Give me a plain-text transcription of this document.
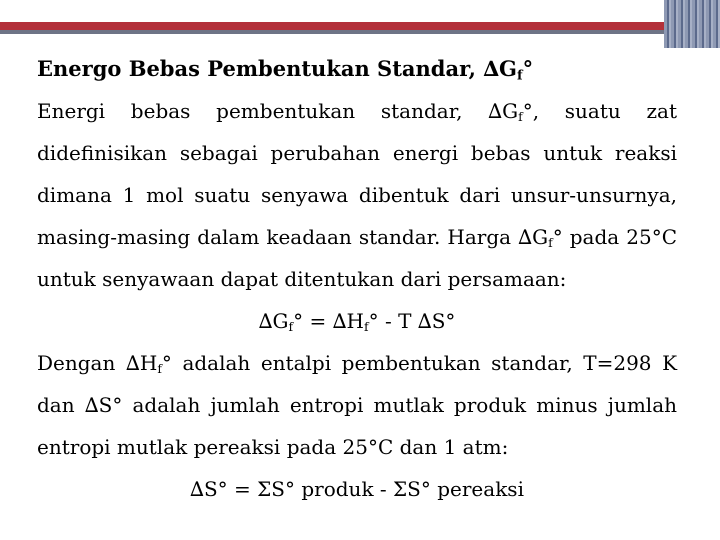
Energo Bebas Pembentukan Standar, $\Delta G_f^\circ$

Energi bebas pembentukan standar, $\Delta G_f^\circ$, suatu zat didefinisikan sebagai perubahan energi bebas untuk reaksi dimana 1 mol suatu senyawa dibentuk dari unsur-unsurnya, masing-masing dalam keadaan standar. Harga $\Delta G_f^\circ$ pada 25°C untuk senyawaan dapat ditentukan dari persamaan:

$\Delta G_f^\circ = \Delta H_f^\circ - T$ ∆S°

Dengan $\Delta H_f^\circ$ adalah entalpi pembentukan standar, T=298 K dan ∆S° adalah jumlah entropi mutlak produk minus jumlah entropi mutlak pereaksi pada 25°C dan 1 atm:

∆S° = ΣS° produk - ΣS° pereaksi
